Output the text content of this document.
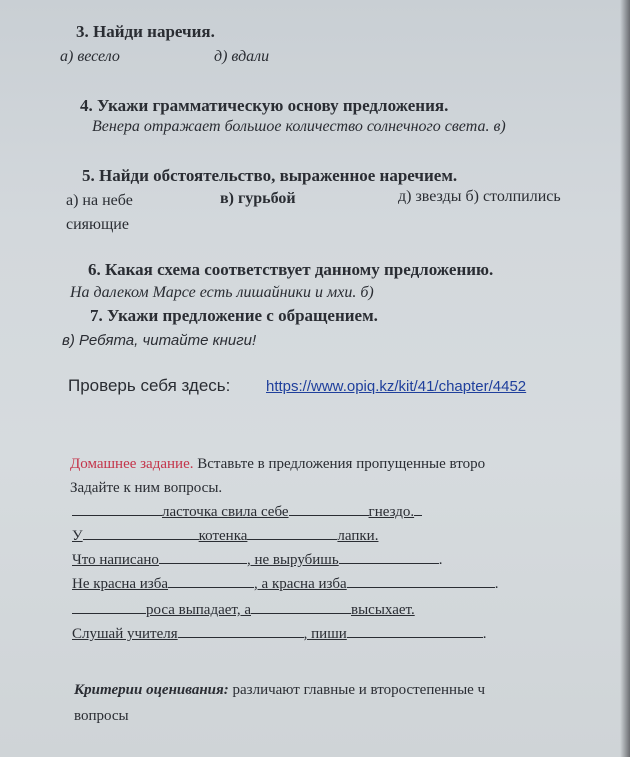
3. Найди наречия.
а) весело	д) вдали
4. Укажи грамматическую основу предложения.
Венера отражает большое количество солнечного света. в)
5. Найди обстоятельство, выраженное наречием.
а) на небе	в) гурьбой	д) звезды б) столпились
сияющие
6. Какая схема соответствует данному предложению.
На далеком Марсе есть лишайники и мхи. б)
7. Укажи предложение с обращением.
в) Ребята, читайте книги!
Проверь себя здесь: https://www.opiq.kz/kit/41/chapter/4452
Домашнее задание. Вставьте в предложения пропущенные второ
Задайте к ним вопросы.
ласточка свила себе	гнездо.
У	котенка	лапки.
Что написано	, не вырубишь	.
Не красна изба	, а красна изба	.
роса выпадает, а	высыхает.
Слушай учителя	, пиши	.
Критерии оценивания: различают главные и второстепенные ч
вопросы
